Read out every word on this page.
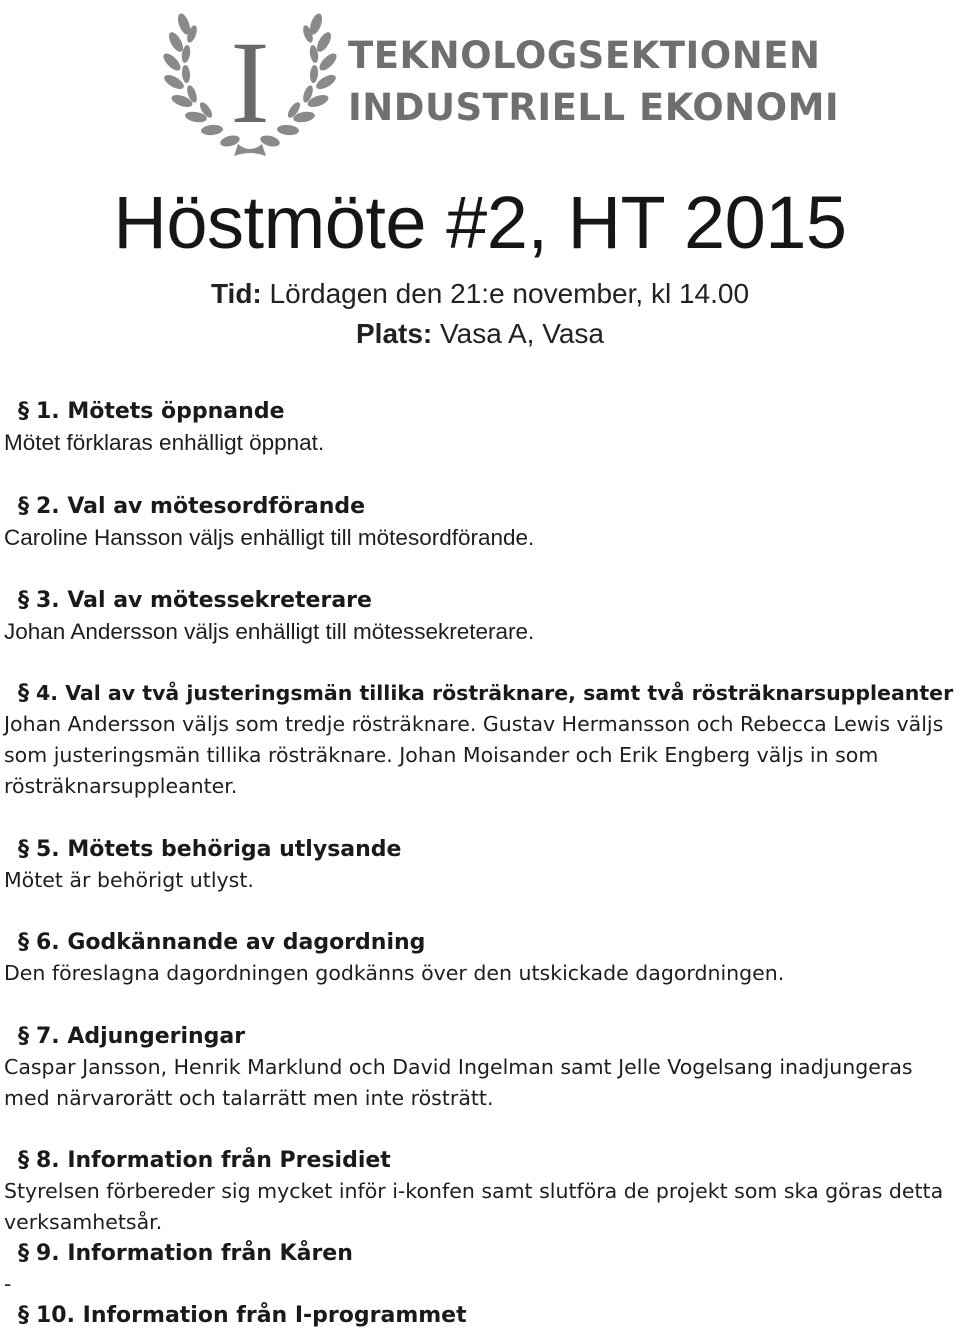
I TEKNOLOGSEKTIONEN
INDUSTRIELL EKONOMI
Höstmöte #2, HT 2015
Tid: Lördagen den 21:e november, kl 14.00
Plats: Vasa A, Vasa
§ 1. Mötets öppnande
Mötet förklaras enhälligt öppnat.
§ 2. Val av mötesordförande
Caroline Hansson väljs enhälligt till mötesordförande.
§ 3. Val av mötessekreterare
Johan Andersson väljs enhälligt till mötessekreterare.
§ 4. Val av två justeringsmän tillika rösträknare, samt två rösträknarsuppleanter
Johan Andersson väljs som tredje rösträknare. Gustav Hermansson och Rebecca Lewis väljs som justeringsmän tillika rösträknare. Johan Moisander och Erik Engberg väljs in som rösträknarsuppleanter.
§ 5. Mötets behöriga utlysande
Mötet är behörigt utlyst.
§ 6. Godkännande av dagordning
Den föreslagna dagordningen godkänns över den utskickade dagordningen.
§ 7. Adjungeringar
Caspar Jansson, Henrik Marklund och David Ingelman samt Jelle Vogelsang inadjungeras med närvarorätt och talarrätt men inte rösträtt.
§ 8. Information från Presidiet
Styrelsen förbereder sig mycket inför i-konfen samt slutföra de projekt som ska göras detta verksamhetsår.
§ 9. Information från Kåren
-
§ 10. Information från I-programmet
